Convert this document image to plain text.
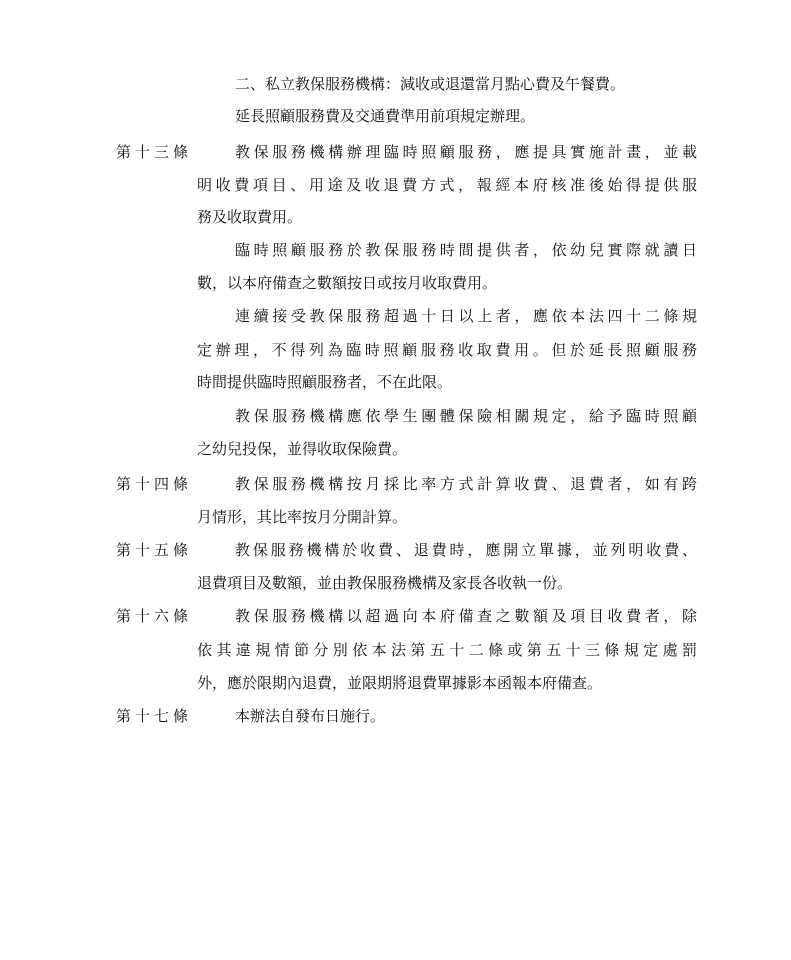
二、私立教保服務機構：減收或退還當月點心費及午餐費。
延長照顧服務費及交通費準用前項規定辦理。
第十三條	教保服務機構辦理臨時照顧服務，應提具實施計畫，並載
明收費項目、用途及收退費方式，報經本府核准後始得提供服
務及收取費用。
臨時照顧服務於教保服務時間提供者，依幼兒實際就讀日
數，以本府備查之數額按日或按月收取費用。
連續接受教保服務超過十日以上者，應依本法四十二條規
定辦理，不得列為臨時照顧服務收取費用。但於延長照顧服務
時間提供臨時照顧服務者，不在此限。
教保服務機構應依學生團體保險相關規定，給予臨時照顧
之幼兒投保，並得收取保險費。
第十四條	教保服務機構按月採比率方式計算收費、退費者，如有跨
月情形，其比率按月分開計算。
第十五條	教保服務機構於收費、退費時，應開立單據，並列明收費、
退費項目及數額，並由教保服務機構及家長各收執一份。
第十六條	教保服務機構以超過向本府備查之數額及項目收費者，除
依其違規情節分別依本法第五十二條或第五十三條規定處罰
外，應於限期內退費，並限期將退費單據影本函報本府備查。
第十七條	本辦法自發布日施行。
